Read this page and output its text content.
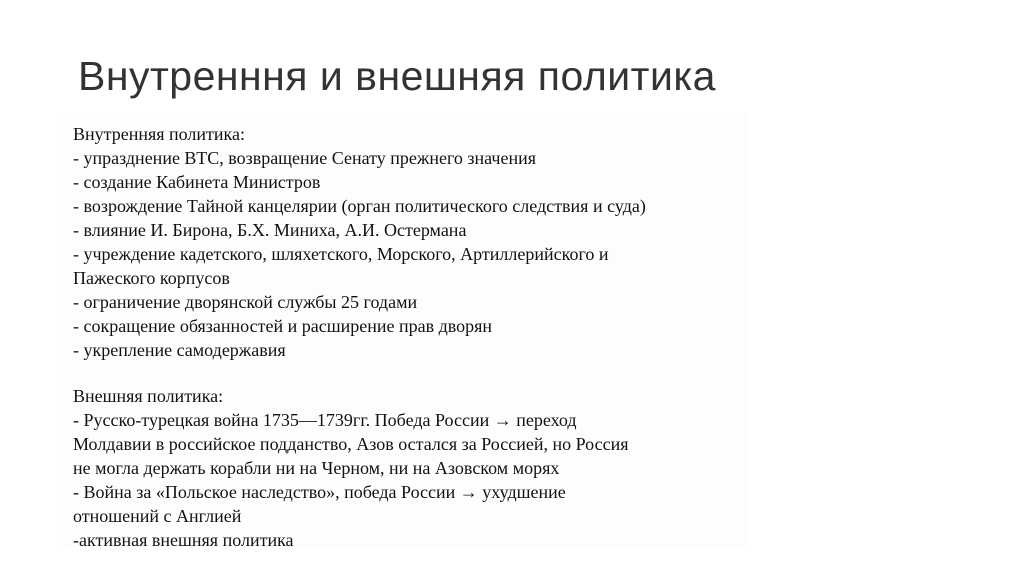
Внутренння и внешняя политика

Внутренняя политика:

- упразднение ВТС, возвращение Сенату прежнего значения

- создание Кабинета Министров

- возрождение Тайной канцелярии (орган политического следствия и суда)

- влияние И. Бирона, Б.Х. Миниха, А.И. Остермана

- учреждение кадетского, шляхетского, Морского, Артиллерийского и

Пажеского корпусов

- ограничение дворянской службы 25 годами

- сокращение обязанностей и расширение прав дворян

- укрепление самодержавия

Внешняя политика:

- Русско-турецкая война 1735—1739гг. Победа России → переход

Молдавии в российское подданство, Азов остался за Россией, но Россия

не могла держать корабли ни на Черном, ни на Азовском морях

- Война за «Польское наследство», победа России → ухудшение

отношений с Англией

-активная внешняя политика
